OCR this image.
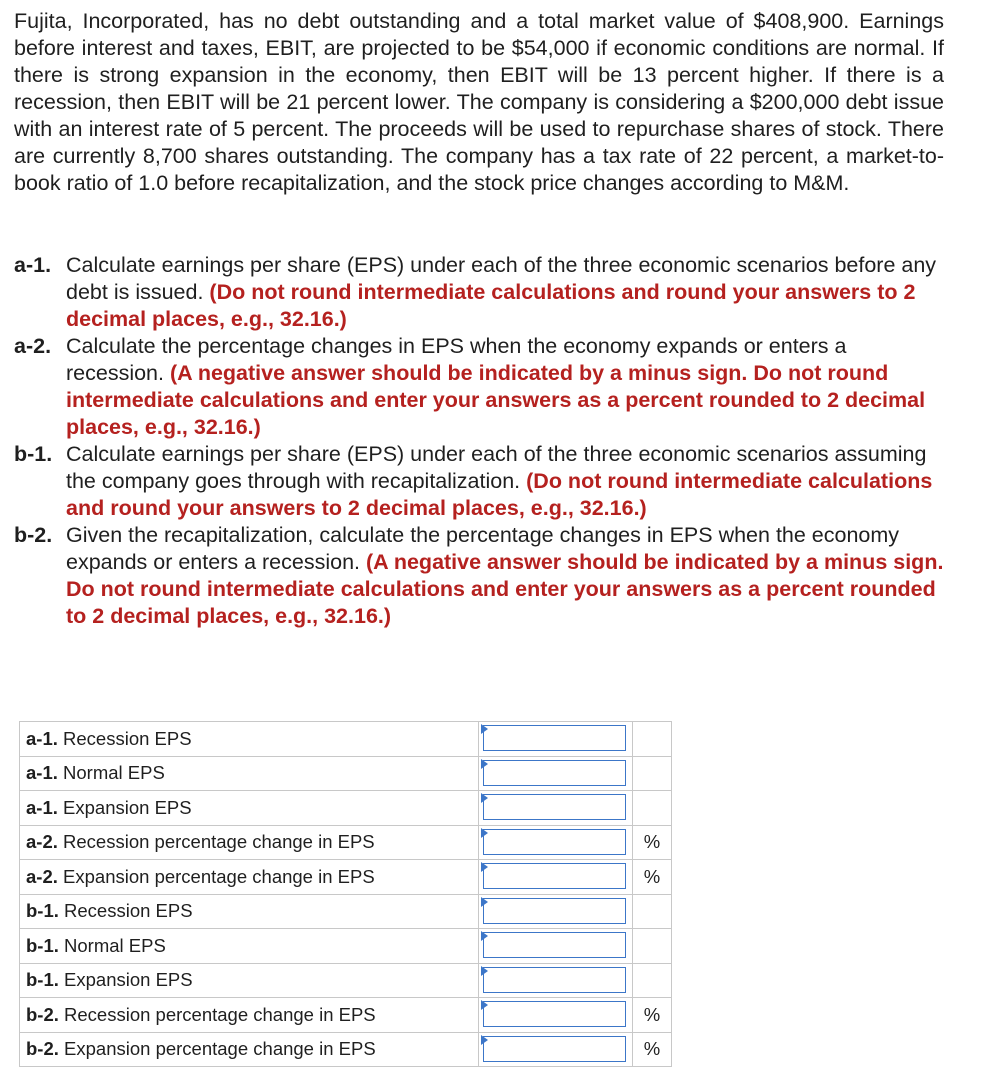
Fujita, Incorporated, has no debt outstanding and a total market value of $408,900. Earnings before interest and taxes, EBIT, are projected to be $54,000 if economic conditions are normal. If there is strong expansion in the economy, then EBIT will be 13 percent higher. If there is a recession, then EBIT will be 21 percent lower. The company is considering a $200,000 debt issue with an interest rate of 5 percent. The proceeds will be used to repurchase shares of stock. There are currently 8,700 shares outstanding. The company has a tax rate of 22 percent, a market-to-book ratio of 1.0 before recapitalization, and the stock price changes according to M&M.
a-1. Calculate earnings per share (EPS) under each of the three economic scenarios before any debt is issued. (Do not round intermediate calculations and round your answers to 2 decimal places, e.g., 32.16.)
a-2. Calculate the percentage changes in EPS when the economy expands or enters a recession. (A negative answer should be indicated by a minus sign. Do not round intermediate calculations and enter your answers as a percent rounded to 2 decimal places, e.g., 32.16.)
b-1. Calculate earnings per share (EPS) under each of the three economic scenarios assuming the company goes through with recapitalization. (Do not round intermediate calculations and round your answers to 2 decimal places, e.g., 32.16.)
b-2. Given the recapitalization, calculate the percentage changes in EPS when the economy expands or enters a recession. (A negative answer should be indicated by a minus sign. Do not round intermediate calculations and enter your answers as a percent rounded to 2 decimal places, e.g., 32.16.)
a-1. Recession EPS	

a-1. Normal EPS	

a-1. Expansion EPS	

a-2. Recession percentage change in EPS		%
a-2. Expansion percentage change in EPS		%
b-1. Recession EPS	

b-1. Normal EPS	

b-1. Expansion EPS	

b-2. Recession percentage change in EPS		%
b-2. Expansion percentage change in EPS		%
